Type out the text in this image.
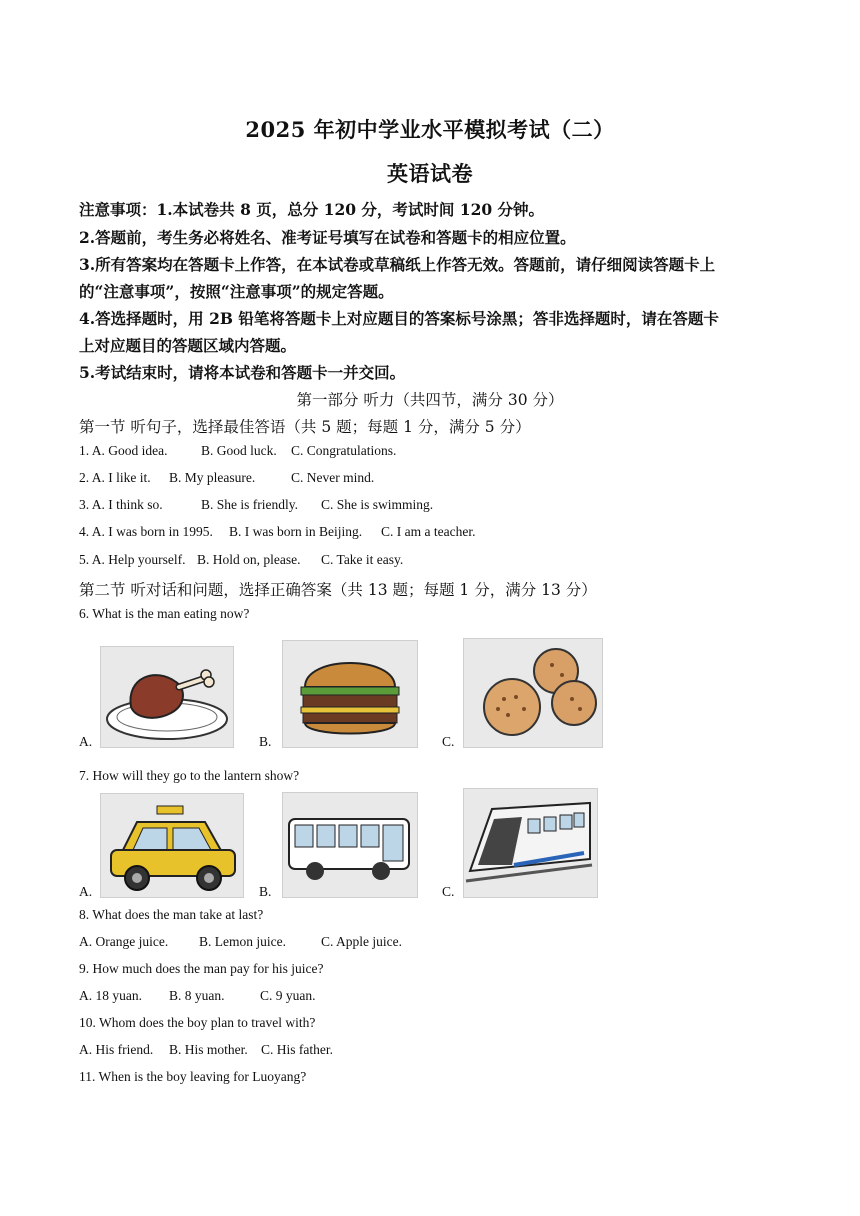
2025 年初中学业水平模拟考试（二）
英语试卷
注意事项：1.本试卷共 8 页，总分 120 分，考试时间 120 分钟。
2.答题前，考生务必将姓名、准考证号填写在试卷和答题卡的相应位置。
3.所有答案均在答题卡上作答，在本试卷或草稿纸上作答无效。答题前，请仔细阅读答题卡上
的“注意事项”，按照“注意事项”的规定答题。
4.答选择题时，用 2B 铅笔将答题卡上对应题目的答案标号涂黑；答非选择题时，请在答题卡
上对应题目的答题区域内答题。
5.考试结束时，请将本试卷和答题卡一并交回。
第一部分 听力（共四节，满分 30 分）
第一节 听句子，选择最佳答语（共 5 题；每题 1 分，满分 5 分）
1. A. Good idea. B. Good luck. C. Congratulations.
2. A. I like it. B. My pleasure.	C. Never mind.
3. A. I think so.	B. She is friendly. C. She is swimming.
4. A. I was born in 1995. B. I was born in Beijing. C. I am a teacher.
5. A. Help yourself. B. Hold on, please. C. Take it easy.
第二节 听对话和问题，选择正确答案（共 13 题；每题 1 分，满分 13 分）
6. What is the man eating now?
A.	B.	C.
7. How will they go to the lantern show?
A.	B.	C.
8. What does the man take at last?
A. Orange juice. B. Lemon juice.	C. Apple juice.
9. How much does the man pay for his juice?
A. 18 yuan. B. 8 yuan.	C. 9 yuan.
10. Whom does the boy plan to travel with?
A. His friend. B. His mother. C. His father.
11. When is the boy leaving for Luoyang?
